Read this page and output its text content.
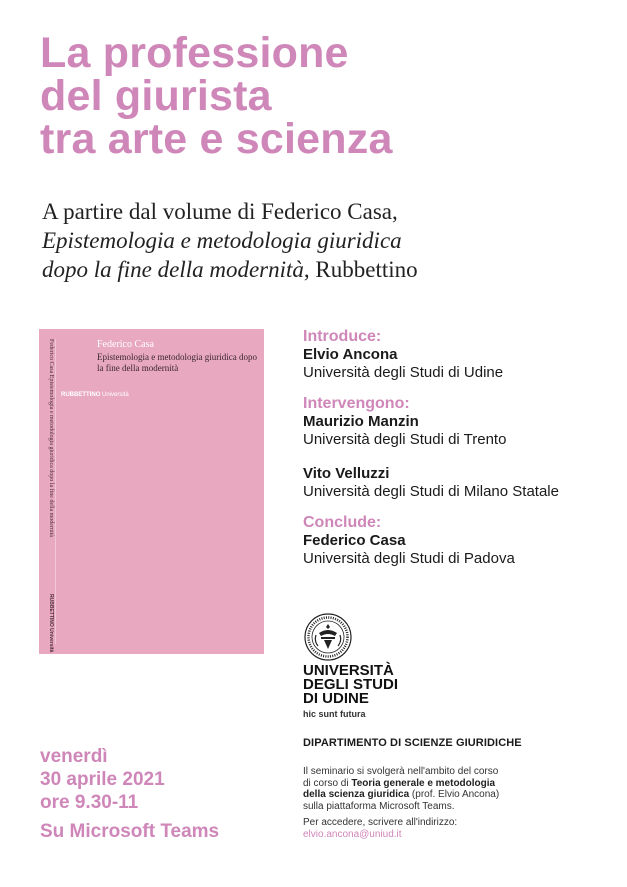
La professione
del giurista
tra arte e scienza
A partire dal volume di Federico Casa,
Epistemologia e metodologia giuridica
dopo la fine della modernità, Rubbettino
Federico Casa Epistemologia e metodologia giuridica dopo la fine della modernità
RUBBETTINO Università
Federico Casa
Epistemologia e metodologia giuridica dopo la fine della modernità
RUBBETTINO Università
Introduce:
Elvio Ancona
Università degli Studi di Udine
Intervengono:
Maurizio Manzin
Università degli Studi di Trento
Vito Velluzzi
Università degli Studi di Milano Statale
Conclude:
Federico Casa
Università degli Studi di Padova
UNIVERSITÀ
DEGLI STUDI
DI UDINE
hic sunt futura
DIPARTIMENTO DI SCIENZE GIURIDICHE
Il seminario si svolgerà nell'ambito del corso
di corso di Teoria generale e metodologia
della scienza giuridica (prof. Elvio Ancona)
sulla piattaforma Microsoft Teams.
Per accedere, scrivere all'indirizzo:
elvio.ancona@uniud.it
venerdì
30 aprile 2021
ore 9.30-11
Su Microsoft Teams
